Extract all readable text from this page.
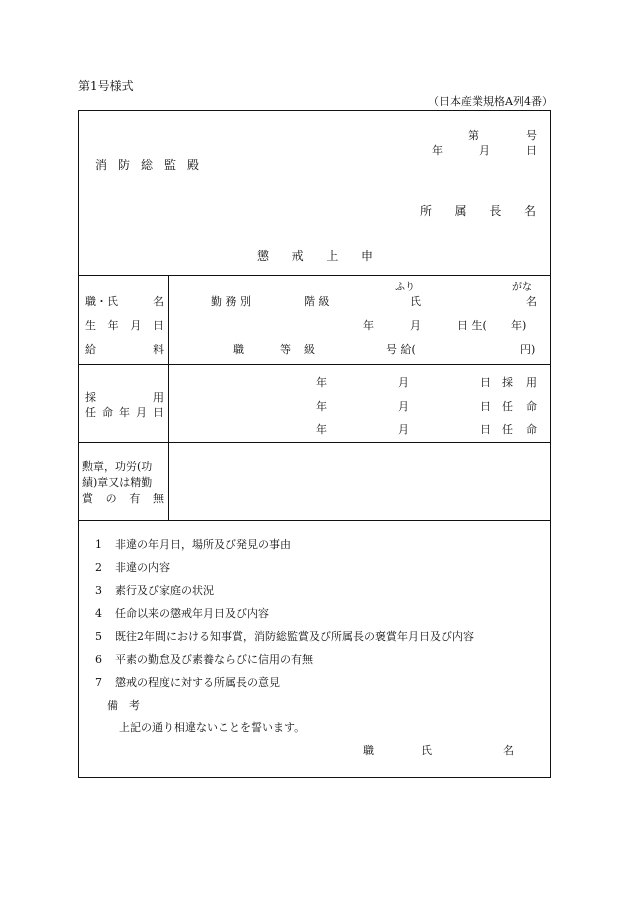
第1号様式
（日本産業規格A列4番）
第	号
年	月	日
消 防 総 監 殿
所 属 長 名
懲 戒 上 申
職・氏	名	勤 務 別	階 級
ふり	がな
氏	名
生 年 月 日	年	月	日 生( 年)
給	料	職	等 級	号 給(	円)
採	用
任 命 年 月 日
年	月	日 採 用
年	月	日 任 命
年	月	日 任 命
勲章，功労(功
績)章又は精勤
賞 の 有 無
1 非違の年月日，場所及び発見の事由
2 非違の内容
3 素行及び家庭の状況
4 任命以来の懲戒年月日及び内容
5 既往2年間における知事賞，消防総監賞及び所属長の褒賞年月日及び内容
6 平素の勤怠及び素養ならびに信用の有無
7 懲戒の程度に対する所属長の意見
備　考
上記の通り相違ないことを誓います。
職	氏	名
